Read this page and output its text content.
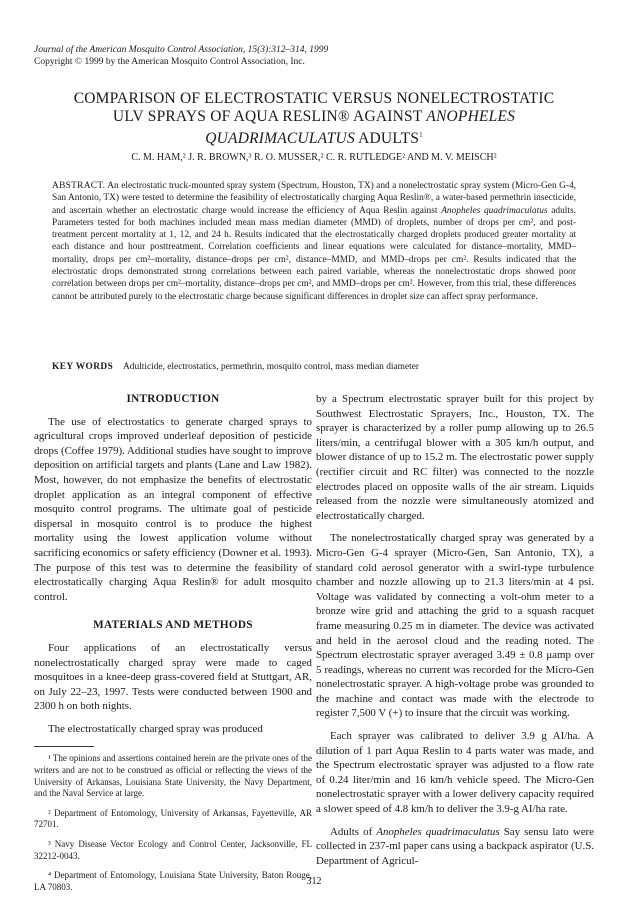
Journal of the American Mosquito Control Association, 15(3):312–314, 1999
Copyright © 1999 by the American Mosquito Control Association, Inc.
COMPARISON OF ELECTROSTATIC VERSUS NONELECTROSTATIC
ULV SPRAYS OF AQUA RESLIN® AGAINST ANOPHELES
QUADRIMACULATUS ADULTS$^1$
C. M. HAM,² J. R. BROWN,³ R. O. MUSSER,² C. R. RUTLEDGE² AND M. V. MEISCH²
ABSTRACT. An electrostatic truck-mounted spray system (Spectrum, Houston, TX) and a nonelectrostatic spray system (Micro-Gen G-4, San Antonio, TX) were tested to determine the feasibility of electrostatically charging Aqua Reslin®, a water-based permethrin insecticide, and ascertain whether an electrostatic charge would increase the efficiency of Aqua Reslin against Anopheles quadrimaculatus adults. Parameters tested for both machines included mean mass median diameter (MMD) of droplets, number of drops per cm², and post-treatment percent mortality at 1, 12, and 24 h. Results indicated that the electrostatically charged droplets produced greater mortality at each distance and hour posttreatment. Correlation coefficients and linear equations were calculated for distance–mortality, MMD–mortality, drops per cm²–mortality, distance–drops per cm², distance–MMD, and MMD–drops per cm². Results indicated that the electrostatic drops demonstrated strong correlations between each paired variable, whereas the nonelectrostatic drops showed poor correlation between drops per cm²–mortality, distance–drops per cm², and MMD–drops per cm². However, from this trial, these differences cannot be attributed purely to the electrostatic charge because significant differences in droplet size can affect spray performance.
KEY WORDS Adulticide, electrostatics, permethrin, mosquito control, mass median diameter
INTRODUCTION

The use of electrostatics to generate charged sprays to agricultural crops improved underleaf deposition of pesticide drops (Coffee 1979). Additional studies have sought to improve deposition on artificial targets and plants (Lane and Law 1982). Most, however, do not emphasize the benefits of electrostatic droplet application as an integral component of effective mosquito control programs. The ultimate goal of pesticide dispersal in mosquito control is to produce the highest mortality using the lowest application volume without sacrificing economics or safety efficiency (Downer et al. 1993). The purpose of this test was to determine the feasibility of electrostatically charging Aqua Reslin® for adult mosquito control.

MATERIALS AND METHODS

Four applications of an electrostatically versus nonelectrostatically charged spray were made to caged mosquitoes in a knee-deep grass-covered field at Stuttgart, AR, on July 22–23, 1997. Tests were conducted between 1900 and 2300 h on both nights.

The electrostatically charged spray was produced

¹ The opinions and assertions contained herein are the private ones of the writers and are not to be construed as official or reflecting the views of the University of Arkansas, Louisiana State University, the Navy Department, and the Naval Service at large.

² Department of Entomology, University of Arkansas, Fayetteville, AR 72701.

³ Navy Disease Vector Ecology and Control Center, Jacksonville, FL 32212-0043.

⁴ Department of Entomology, Louisiana State University, Baton Rouge, LA 70803.

by a Spectrum electrostatic sprayer built for this project by Southwest Electrostatic Sprayers, Inc., Houston, TX. The sprayer is characterized by a roller pump allowing up to 26.5 liters/min, a centrifugal blower with a 305 km/h output, and blower distance of up to 15.2 m. The electrostatic power supply (rectifier circuit and RC filter) was connected to the nozzle electrodes placed on opposite walls of the air stream. Liquids released from the nozzle were simultaneously atomized and electrostatically charged.

The nonelectrostatically charged spray was generated by a Micro-Gen G-4 sprayer (Micro-Gen, San Antonio, TX), a standard cold aerosol generator with a swirl-type turbulence chamber and nozzle allowing up to 21.3 liters/min at 4 psi. Voltage was validated by connecting a volt-ohm meter to a bronze wire grid and attaching the grid to a squash racquet frame measuring 0.25 m in diameter. The device was activated and held in the aerosol cloud and the reading noted. The Spectrum electrostatic sprayer averaged 3.49 ± 0.8 μamp over 5 readings, whereas no current was recorded for the Micro-Gen nonelectrostatic sprayer. A high-voltage probe was grounded to the machine and contact was made with the electrode to register 7,500 V (+) to insure that the circuit was working.

Each sprayer was calibrated to deliver 3.9 g AI/ha. A dilution of 1 part Aqua Reslin to 4 parts water was made, and the Spectrum electrostatic sprayer was adjusted to a flow rate of 0.24 liter/min and 16 km/h vehicle speed. The Micro-Gen nonelectrostatic sprayer with a lower delivery capacity required a slower speed of 4.8 km/h to deliver the 3.9-g AI/ha rate.

Adults of Anopheles quadrimaculatus Say sensu lato were collected in 237-ml paper cans using a backpack aspirator (U.S. Department of Agricul-

312
